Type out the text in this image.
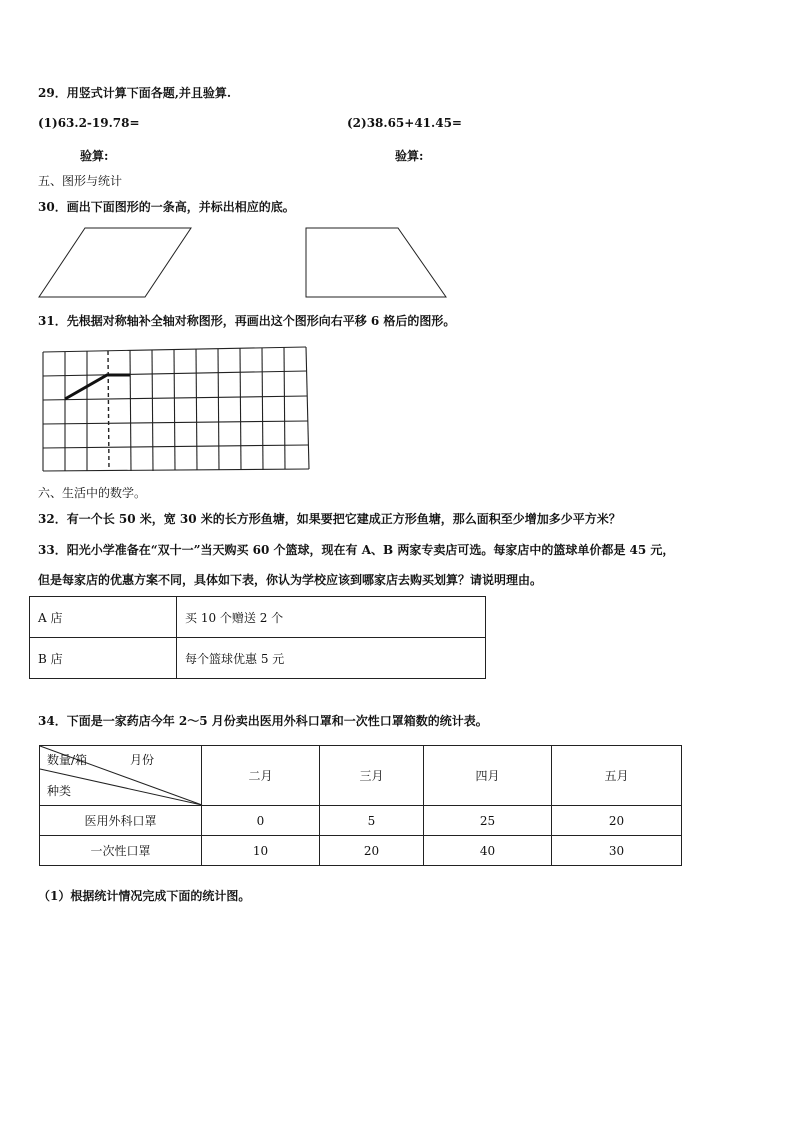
29．用竖式计算下面各题,并且验算.
(1)63.2-19.78=	(2)38.65+41.45=
验算:	验算:
五、图形与统计
30．画出下面图形的一条高，并标出相应的底。
31．先根据对称轴补全轴对称图形，再画出这个图形向右平移 6 格后的图形。
六、生活中的数学。
32．有一个长 50 米，宽 30 米的长方形鱼塘，如果要把它建成正方形鱼塘，那么面积至少增加多少平方米？
33．阳光小学准备在“双十一”当天购买 60 个篮球，现在有 A、B 两家专卖店可选。每家店中的篮球单价都是 45 元，
但是每家店的优惠方案不同，具体如下表，你认为学校应该到哪家店去购买划算？请说明理由。
A 店	买 10 个赠送 2 个
B 店	每个篮球优惠 5 元
34．下面是一家药店今年 2～5 月份卖出医用外科口罩和一次性口罩箱数的统计表。
数量/箱 月份
种类	二月	三月	四月	五月
医用外科口罩	0	5	25	20
一次性口罩	10	20	40	30
（1）根据统计情况完成下面的统计图。
